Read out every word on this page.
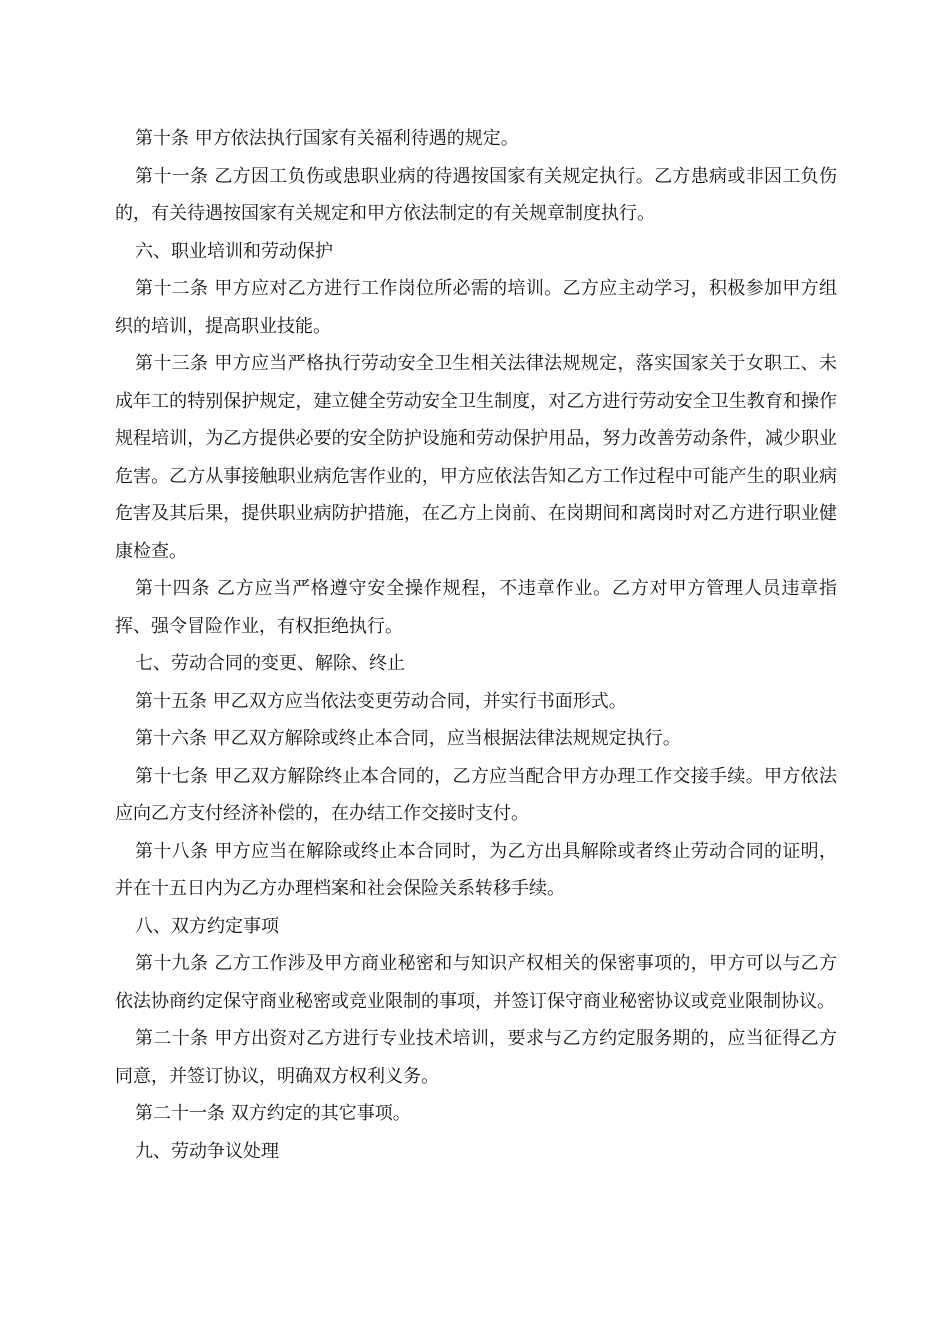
第十条 甲方依法执行国家有关福利待遇的规定。

第十一条 乙方因工负伤或患职业病的待遇按国家有关规定执行。乙方患病或非因工负伤的，有关待遇按国家有关规定和甲方依法制定的有关规章制度执行。

六、职业培训和劳动保护

第十二条 甲方应对乙方进行工作岗位所必需的培训。乙方应主动学习，积极参加甲方组织的培训，提高职业技能。

第十三条 甲方应当严格执行劳动安全卫生相关法律法规规定，落实国家关于女职工、未成年工的特别保护规定，建立健全劳动安全卫生制度，对乙方进行劳动安全卫生教育和操作规程培训，为乙方提供必要的安全防护设施和劳动保护用品，努力改善劳动条件，减少职业危害。乙方从事接触职业病危害作业的，甲方应依法告知乙方工作过程中可能产生的职业病危害及其后果，提供职业病防护措施，在乙方上岗前、在岗期间和离岗时对乙方进行职业健康检查。

第十四条 乙方应当严格遵守安全操作规程，不违章作业。乙方对甲方管理人员违章指挥、强令冒险作业，有权拒绝执行。

七、劳动合同的变更、解除、终止

第十五条 甲乙双方应当依法变更劳动合同，并实行书面形式。

第十六条 甲乙双方解除或终止本合同，应当根据法律法规规定执行。

第十七条 甲乙双方解除终止本合同的，乙方应当配合甲方办理工作交接手续。甲方依法应向乙方支付经济补偿的，在办结工作交接时支付。

第十八条 甲方应当在解除或终止本合同时，为乙方出具解除或者终止劳动合同的证明，并在十五日内为乙方办理档案和社会保险关系转移手续。

八、双方约定事项

第十九条 乙方工作涉及甲方商业秘密和与知识产权相关的保密事项的，甲方可以与乙方依法协商约定保守商业秘密或竞业限制的事项，并签订保守商业秘密协议或竞业限制协议。

第二十条 甲方出资对乙方进行专业技术培训，要求与乙方约定服务期的，应当征得乙方同意，并签订协议，明确双方权利义务。

第二十一条 双方约定的其它事项。

九、劳动争议处理
